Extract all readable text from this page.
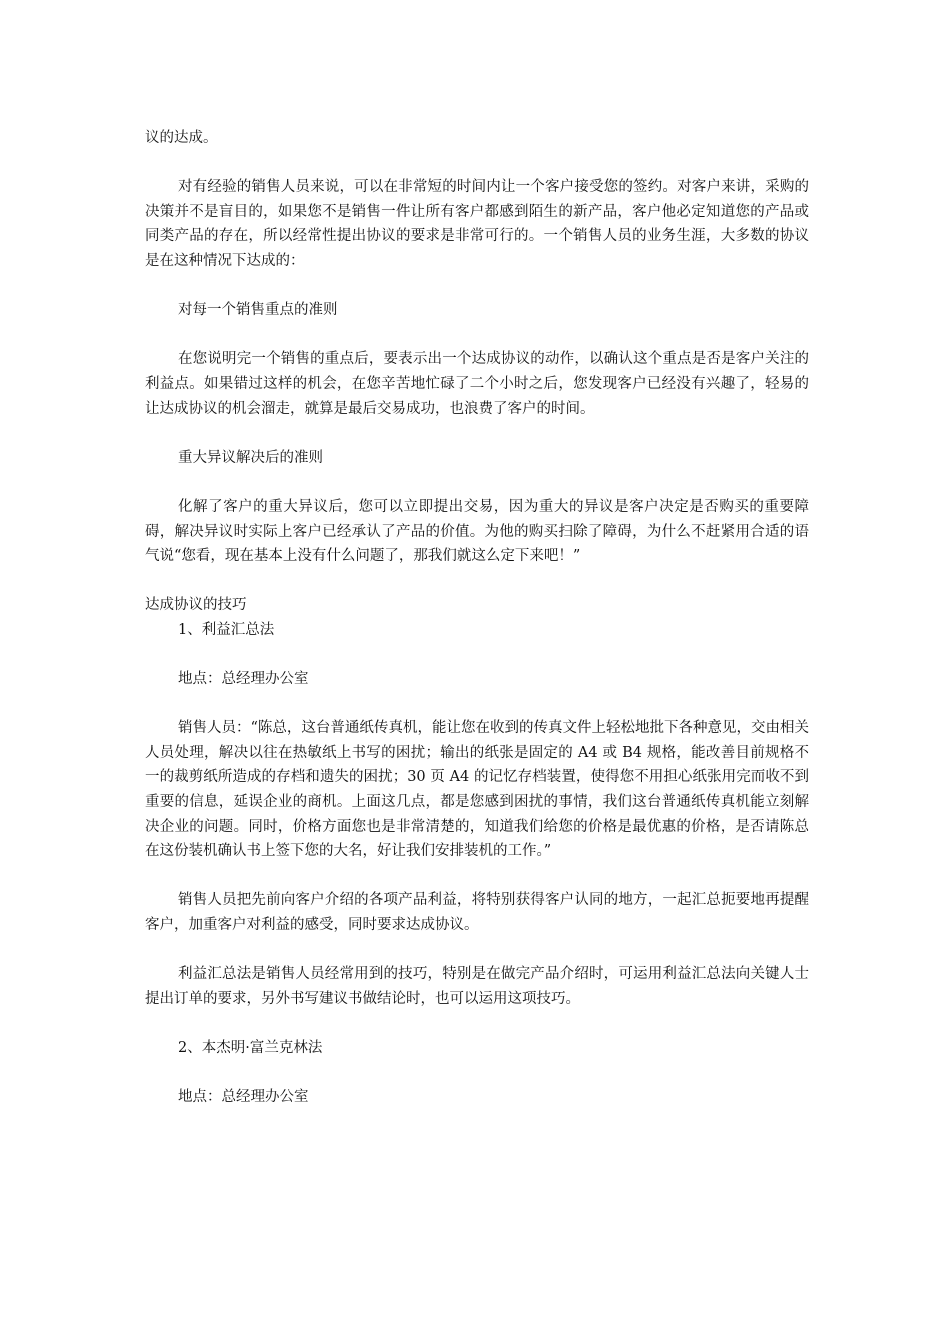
议的达成。

对有经验的销售人员来说，可以在非常短的时间内让一个客户接受您的签约。对客户来讲，采购的决策并不是盲目的，如果您不是销售一件让所有客户都感到陌生的新产品，客户他必定知道您的产品或同类产品的存在，所以经常性提出协议的要求是非常可行的。一个销售人员的业务生涯，大多数的协议是在这种情况下达成的：

对每一个销售重点的准则

在您说明完一个销售的重点后，要表示出一个达成协议的动作，以确认这个重点是否是客户关注的利益点。如果错过这样的机会，在您辛苦地忙碌了二个小时之后，您发现客户已经没有兴趣了，轻易的让达成协议的机会溜走，就算是最后交易成功，也浪费了客户的时间。

重大异议解决后的准则

化解了客户的重大异议后，您可以立即提出交易，因为重大的异议是客户决定是否购买的重要障碍，解决异议时实际上客户已经承认了产品的价值。为他的购买扫除了障碍，为什么不赶紧用合适的语气说“您看，现在基本上没有什么问题了，那我们就这么定下来吧！”

达成协议的技巧

1、利益汇总法

地点：总经理办公室

销售人员：“陈总，这台普通纸传真机，能让您在收到的传真文件上轻松地批下各种意见，交由相关人员处理，解决以往在热敏纸上书写的困扰；输出的纸张是固定的 A4 或 B4 规格，能改善目前规格不一的裁剪纸所造成的存档和遗失的困扰；30 页 A4 的记忆存档装置，使得您不用担心纸张用完而收不到重要的信息，延误企业的商机。上面这几点，都是您感到困扰的事情，我们这台普通纸传真机能立刻解决企业的问题。同时，价格方面您也是非常清楚的，知道我们给您的价格是最优惠的价格，是否请陈总在这份装机确认书上签下您的大名，好让我们安排装机的工作。”

销售人员把先前向客户介绍的各项产品利益，将特别获得客户认同的地方，一起汇总扼要地再提醒客户，加重客户对利益的感受，同时要求达成协议。

利益汇总法是销售人员经常用到的技巧，特别是在做完产品介绍时，可运用利益汇总法向关键人士提出订单的要求，另外书写建议书做结论时，也可以运用这项技巧。

2、本杰明·富兰克林法

地点：总经理办公室
